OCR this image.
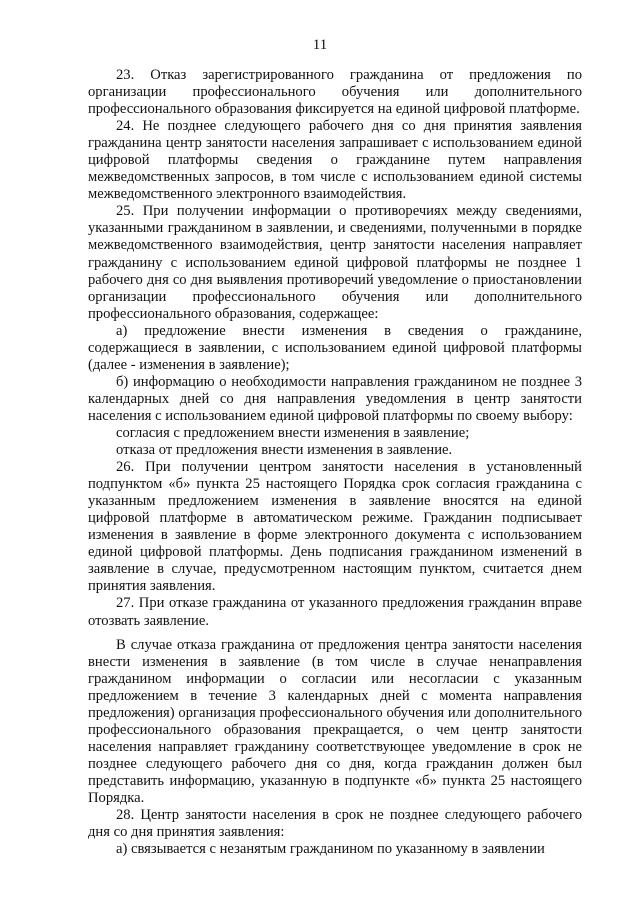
11

23. Отказ зарегистрированного гражданина от предложения по организации профессионального обучения или дополнительного профессионального образования фиксируется на единой цифровой платформе.

24. Не позднее следующего рабочего дня со дня принятия заявления гражданина центр занятости населения запрашивает с использованием единой цифровой платформы сведения о гражданине путем направления межведомственных запросов, в том числе с использованием единой системы межведомственного электронного взаимодействия.

25. При получении информации о противоречиях между сведениями, указанными гражданином в заявлении, и сведениями, полученными в порядке межведомственного взаимодействия, центр занятости населения направляет гражданину с использованием единой цифровой платформы не позднее 1 рабочего дня со дня выявления противоречий уведомление о приостановлении организации профессионального обучения или дополнительного профессионального образования, содержащее:

а) предложение внести изменения в сведения о гражданине, содержащиеся в заявлении, с использованием единой цифровой платформы (далее - изменения в заявление);

б) информацию о необходимости направления гражданином не позднее 3 календарных дней со дня направления уведомления в центр занятости населения с использованием единой цифровой платформы по своему выбору:

согласия с предложением внести изменения в заявление;

отказа от предложения внести изменения в заявление.

26. При получении центром занятости населения в установленный подпунктом «б» пункта 25 настоящего Порядка срок согласия гражданина с указанным предложением изменения в заявление вносятся на единой цифровой платформе в автоматическом режиме. Гражданин подписывает изменения в заявление в форме электронного документа с использованием единой цифровой платформы. День подписания гражданином изменений в заявление в случае, предусмотренном настоящим пунктом, считается днем принятия заявления.

27. При отказе гражданина от указанного предложения гражданин вправе отозвать заявление.

В случае отказа гражданина от предложения центра занятости населения внести изменения в заявление (в том числе в случае ненаправления гражданином информации о согласии или несогласии с указанным предложением в течение 3 календарных дней с момента направления предложения) организация профессионального обучения или дополнительного профессионального образования прекращается, о чем центр занятости населения направляет гражданину соответствующее уведомление в срок не позднее следующего рабочего дня со дня, когда гражданин должен был представить информацию, указанную в подпункте «б» пункта 25 настоящего Порядка.

28. Центр занятости населения в срок не позднее следующего рабочего дня со дня принятия заявления:

а) связывается с незанятым гражданином по указанному в заявлении
